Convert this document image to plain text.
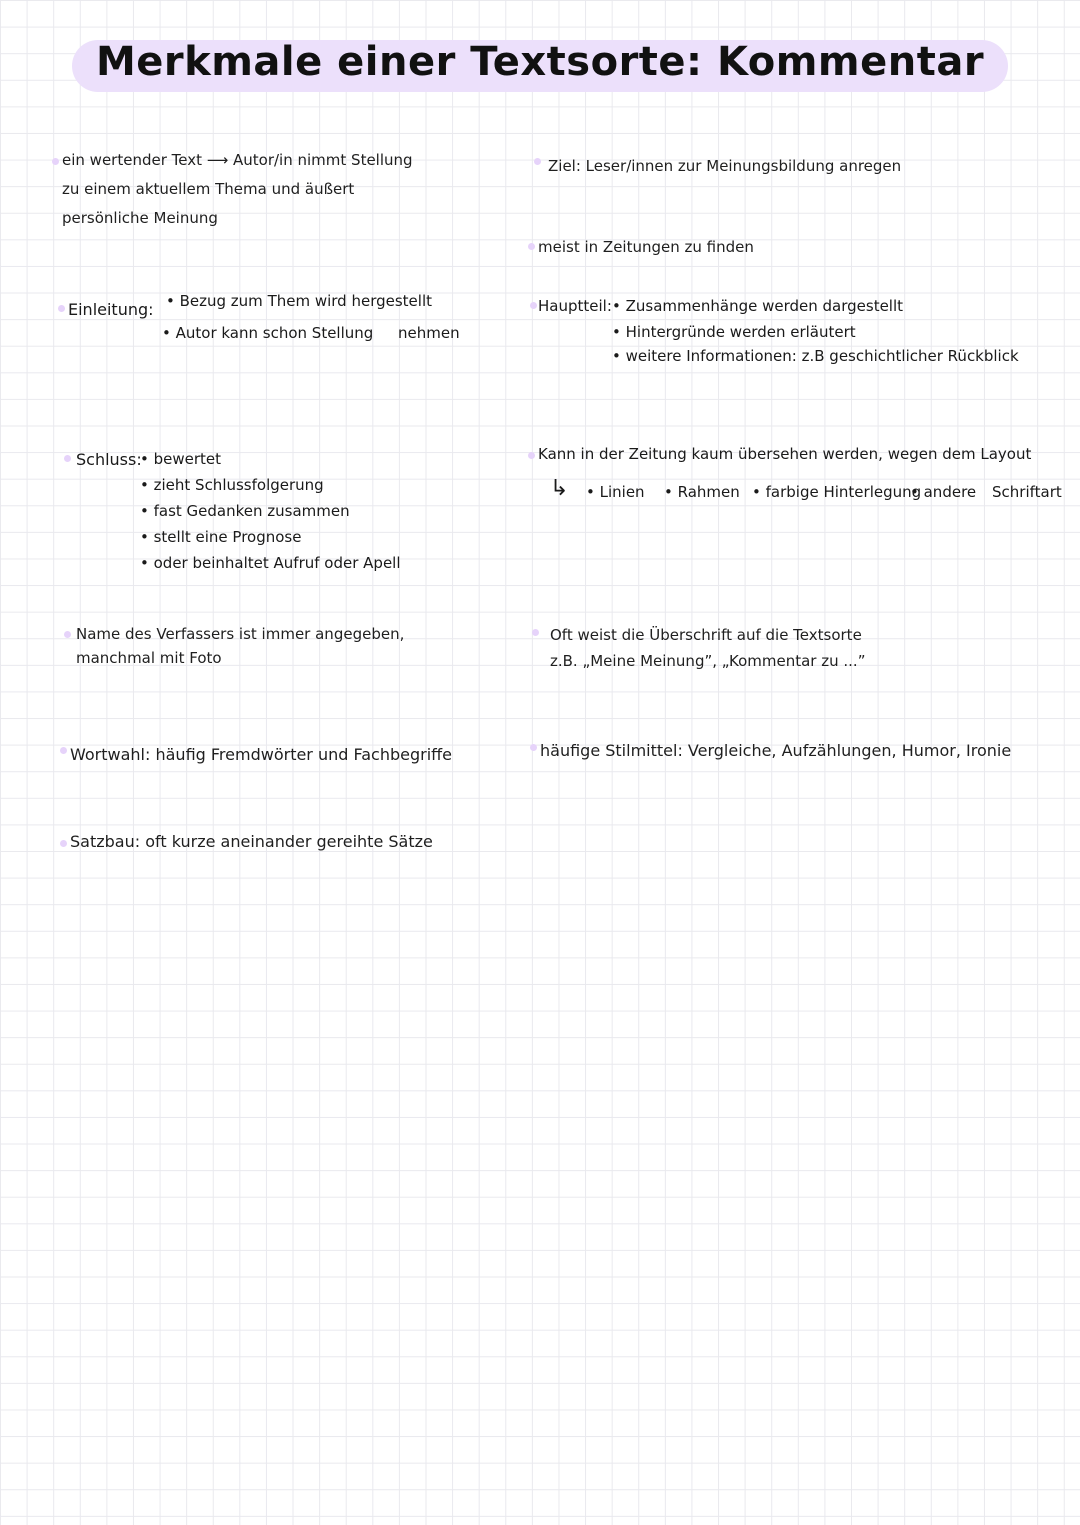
Merkmale einer Textsorte: Kommentar
ein wertender Text ⟶ Autor/in nimmt Stellung
zu einem aktuellem Thema und äußert
persönliche Meinung
Einleitung: • Bezug zum Them wird hergestellt
• Autor kann schon Stellung nehmen
Schluss:
• bewertet
• zieht Schlussfolgerung
• fast Gedanken zusammen
• stellt eine Prognose
• oder beinhaltet Aufruf oder Apell
Name des Verfassers ist immer angegeben,
manchmal mit Foto
Wortwahl: häufig Fremdwörter und Fachbegriffe
Satzbau: oft kurze aneinander gereihte Sätze
Ziel: Leser/innen zur Meinungsbildung anregen
meist in Zeitungen zu finden
Hauptteil: • Zusammenhänge werden dargestellt
• Hintergründe werden erläutert
• weitere Informationen: z.B geschichtlicher Rückblick
Kann in der Zeitung kaum übersehen werden, wegen dem Layout
↳ • Linien • Rahmen • farbige Hinterlegung
• andere Schriftart
Oft weist die Überschrift auf die Textsorte
z.B. „Meine Meinung”, „Kommentar zu ...”
häufige Stilmittel: Vergleiche, Aufzählungen, Humor, Ironie
